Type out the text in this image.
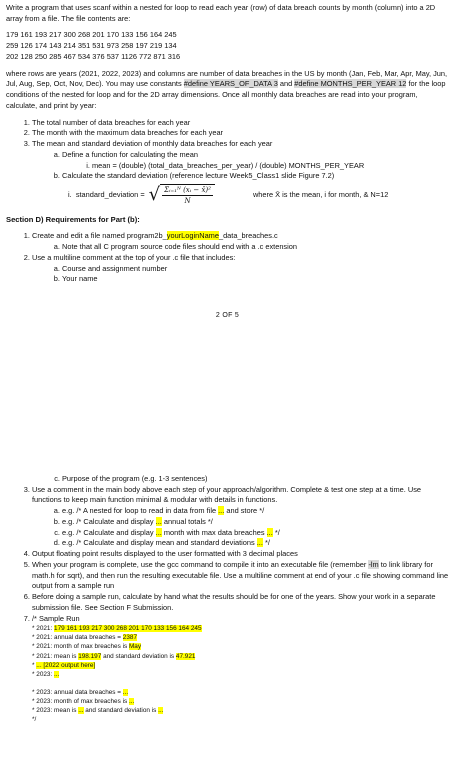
Write a program that uses scanf within a nested for loop to read each year (row) of data breach counts by month (column) into a 2D array from a file. The file contents are:

179 161 193 217 300 268 201 170 133 156 164 245

259 126 174 143 214 351 531 973 258 197 219 134

202 128 250 285 467 534 376 537 1126 772 871 316

where rows are years (2021, 2022, 2023) and columns are number of data breaches in the US by month (Jan, Feb, Mar, Apr, May, Jun, Jul, Aug, Sep, Oct, Nov, Dec). You may use constants #define YEARS_OF_DATA 3 and #define MONTHS_PER_YEAR 12 for the loop conditions of the nested for loop and for the 2D array dimensions. Once all monthly data breaches are read into your program, calculate, and print by year:

1. The total number of data breaches for each year
2. The month with the maximum data breaches for each year
3. The mean and standard deviation of monthly data breaches for each year
a. Define a function for calculating the mean
i. mean = (double) (total_data_breaches_per_year) / (double) MONTHS_PER_YEAR
b. Calculate the standard deviation (reference lecture Week5_Class1 slide Figure 7.2)
i.  standard_deviation = √ $\frac{\text{Σᵢ₌₁ᴺ (xᵢ − x̄)²}}{N}$	where X̄ is the mean, i for month, & N=12
Section D) Requirements for Part (b):
1. Create and edit a file named program2b_yourLoginName_data_breaches.c
a. Note that all C program source code files should end with a .c extension
2. Use a multiline comment at the top of your .c file that includes:
a. Course and assignment number
b. Your name
2 OF 5
c. Purpose of the program (e.g. 1-3 sentences)
3. Use a comment in the main body above each step of your approach/algorithm. Complete & test one step at a time. Use functions to keep main function minimal & modular with details in functions.
a. e.g. /* A nested for loop to read in data from file ... and store */
b. e.g. /* Calculate and display ... annual totals */
c. e.g. /* Calculate and display ... month with max data breaches ... */
d. e.g. /* Calculate and display mean and standard deviations ... */
4. Output floating point results displayed to the user formatted with 3 decimal places
5. When your program is complete, use the gcc command to compile it into an executable file (remember -lm to link library for math.h for sqrt), and then run the resulting executable file. Use a multiline comment at end of your .c file showing command line output from a sample run
6. Before doing a sample run, calculate by hand what the results should be for one of the years. Show your work in a separate submission file. See Section F Submission.
7. /* Sample Run
* 2021: 179 161 193 217 300 268 201 170 133 156 164 245
* 2021: annual data breaches = 2387
* 2021: month of max breaches is May
* 2021: mean is 198.197 and standard deviation is 47.921
* ... [2022 output here]
* 2023: ...

* 2023: annual data breaches = ...
* 2023: month of max breaches is ...
* 2023: mean is ... and standard deviation is ...
*/
